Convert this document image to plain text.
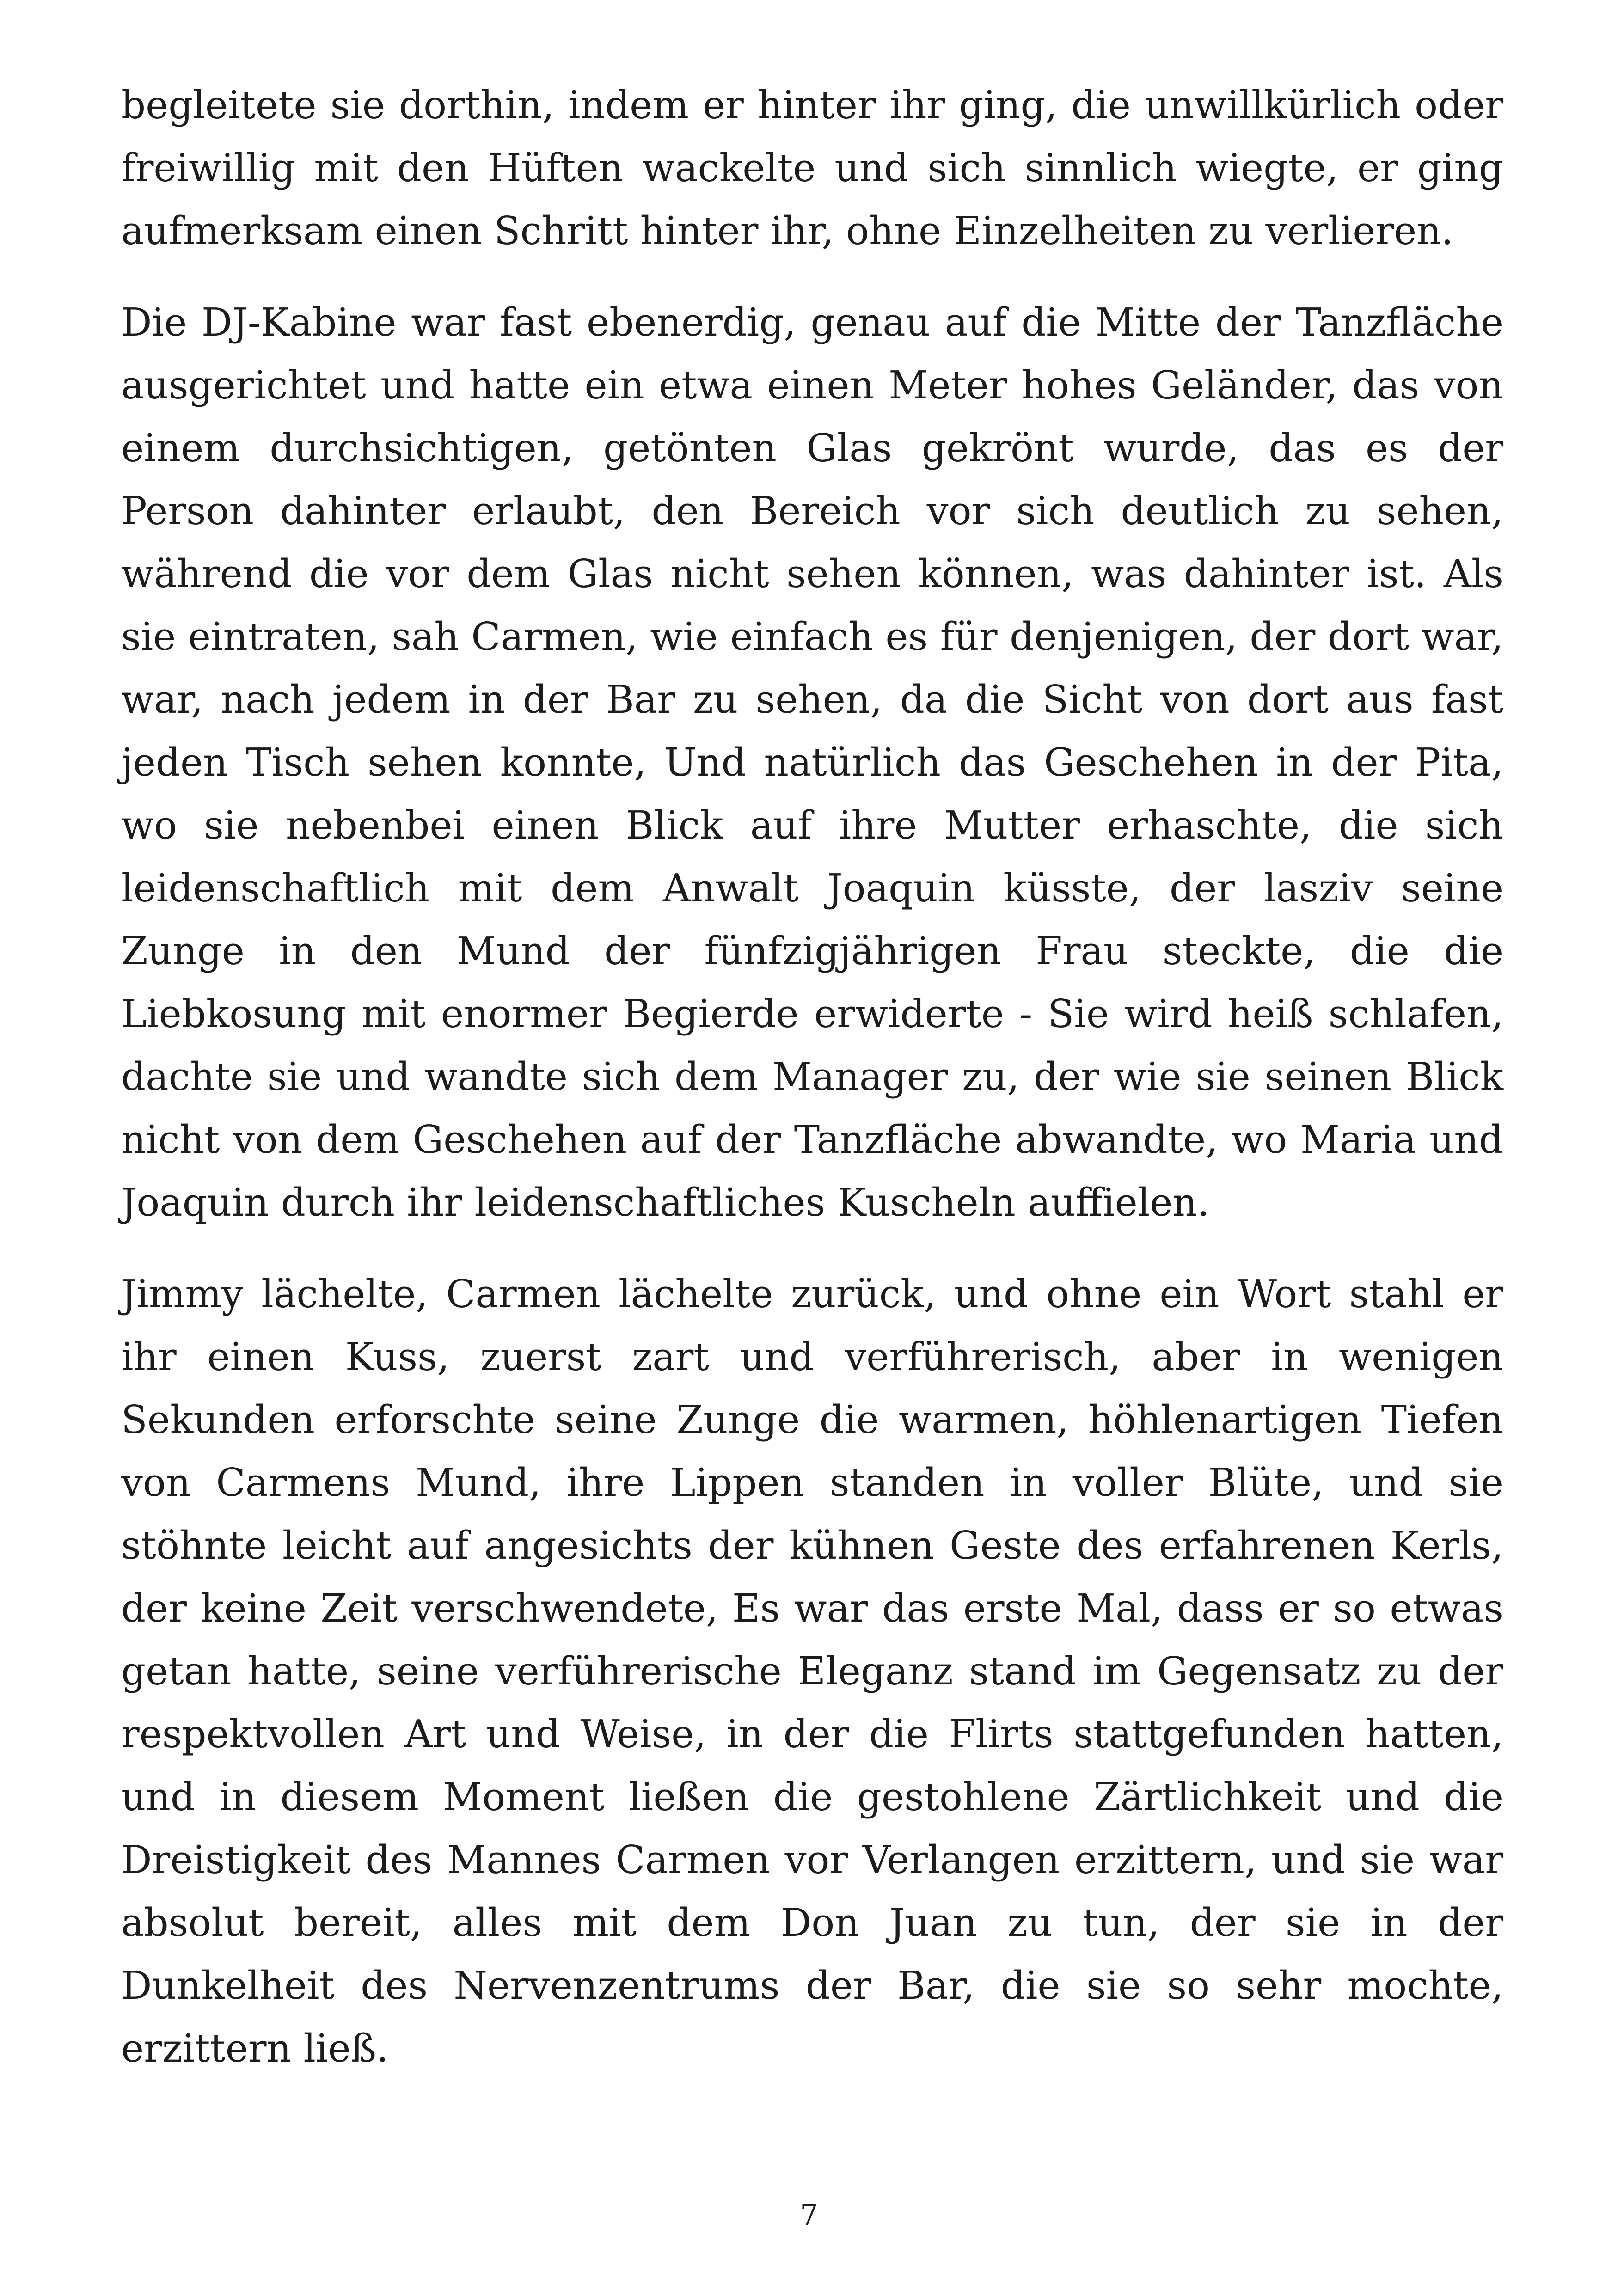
begleitete sie dorthin, indem er hinter ihr ging, die unwillkürlich oder freiwillig mit den Hüften wackelte und sich sinnlich wiegte, er ging aufmerksam einen Schritt hinter ihr, ohne Einzelheiten zu verlieren.

Die DJ-Kabine war fast ebenerdig, genau auf die Mitte der Tanzfläche ausgerichtet und hatte ein etwa einen Meter hohes Geländer, das von einem durchsichtigen, getönten Glas gekrönt wurde, das es der Person dahinter erlaubt, den Bereich vor sich deutlich zu sehen, während die vor dem Glas nicht sehen können, was dahinter ist. Als sie eintraten, sah Carmen, wie einfach es für denjenigen, der dort war, war, nach jedem in der Bar zu sehen, da die Sicht von dort aus fast jeden Tisch sehen konnte, Und natürlich das Geschehen in der Pita, wo sie nebenbei einen Blick auf ihre Mutter erhaschte, die sich leidenschaftlich mit dem Anwalt Joaquin küsste, der lasziv seine Zunge in den Mund der fünfzigjährigen Frau steckte, die die Liebkosung mit enormer Begierde erwiderte - Sie wird heiß schlafen, dachte sie und wandte sich dem Manager zu, der wie sie seinen Blick nicht von dem Geschehen auf der Tanzfläche abwandte, wo Maria und Joaquin durch ihr leidenschaftliches Kuscheln auffielen.

Jimmy lächelte, Carmen lächelte zurück, und ohne ein Wort stahl er ihr einen Kuss, zuerst zart und verführerisch, aber in wenigen Sekunden erforschte seine Zunge die warmen, höhlenartigen Tiefen von Carmens Mund, ihre Lippen standen in voller Blüte, und sie stöhnte leicht auf angesichts der kühnen Geste des erfahrenen Kerls, der keine Zeit verschwendete, Es war das erste Mal, dass er so etwas getan hatte, seine verführerische Eleganz stand im Gegensatz zu der respektvollen Art und Weise, in der die Flirts stattgefunden hatten, und in diesem Moment ließen die gestohlene Zärtlichkeit und die Dreistigkeit des Mannes Carmen vor Verlangen erzittern, und sie war absolut bereit, alles mit dem Don Juan zu tun, der sie in der Dunkelheit des Nervenzentrums der Bar, die sie so sehr mochte, erzittern ließ.

7
